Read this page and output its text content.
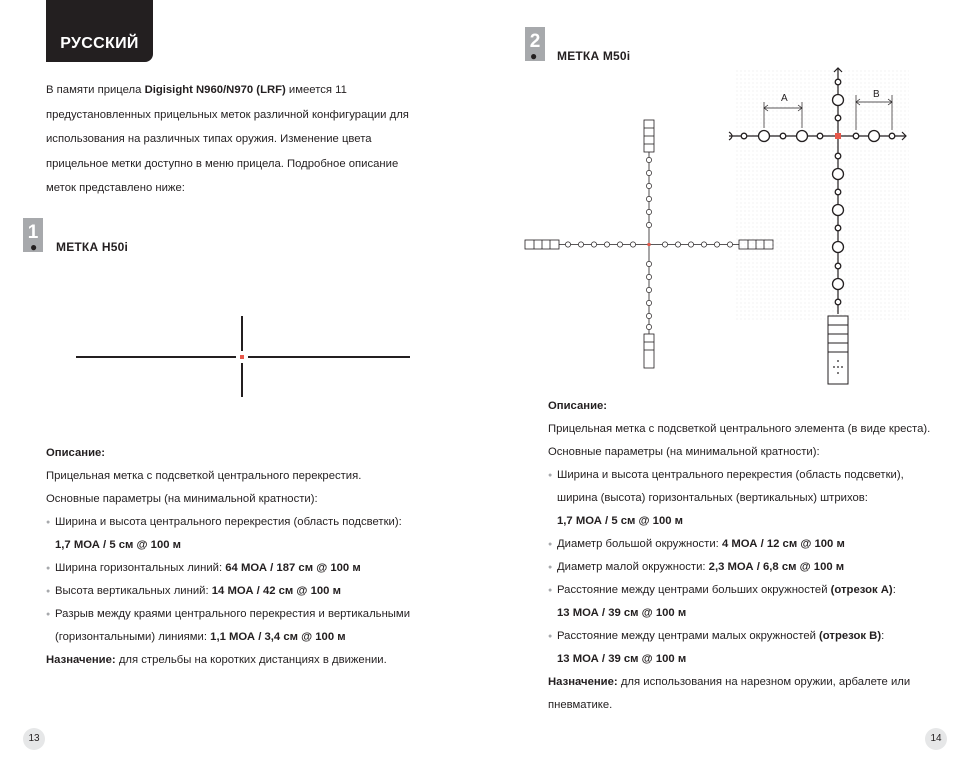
РУССКИЙ

В памяти прицела Digisight N960/N970 (LRF) имеется 11

предустановленных прицельных меток различной конфигурации для

использования на различных типах оружия. Изменение цвета

прицельное метки доступно в меню прицела. Подробное описание

меток представлено ниже:

1
● МЕТКА H50i
Описание:
Прицельная метка с подсветкой центрального перекрестия.
Основные параметры (на минимальной кратности):
● Ширина и высота центрального перекрестия (область подсветки):
1,7 МОА / 5 см @ 100 м
● Ширина горизонтальных линий: 64 МОА / 187 см @ 100 м
● Высота вертикальных линий: 14 МОА / 42 см @ 100 м
● Разрыв между краями центрального перекрестия и вертикальными
(горизонтальными) линиями: 1,1 МОА / 3,4 см @ 100 м
Назначение: для стрельбы на коротких дистанциях в движении.
13
2
● МЕТКА M50i
A	B
Описание:
Прицельная метка с подсветкой центрального элемента (в виде креста).
Основные параметры (на минимальной кратности):
● Ширина и высота центрального перекрестия (область подсветки),
ширина (высота) горизонтальных (вертикальных) штрихов:
1,7 МОА / 5 см @ 100 м
● Диаметр большой окружности: 4 МОА / 12 см @ 100 м
● Диаметр малой окружности: 2,3 МОА / 6,8 см @ 100 м
● Расстояние между центрами больших окружностей (отрезок А):
13 МОА / 39 см @ 100 м
● Расстояние между центрами малых окружностей (отрезок В):
13 МОА / 39 см @ 100 м
Назначение: для использования на нарезном оружии, арбалете или
пневматике.
14
